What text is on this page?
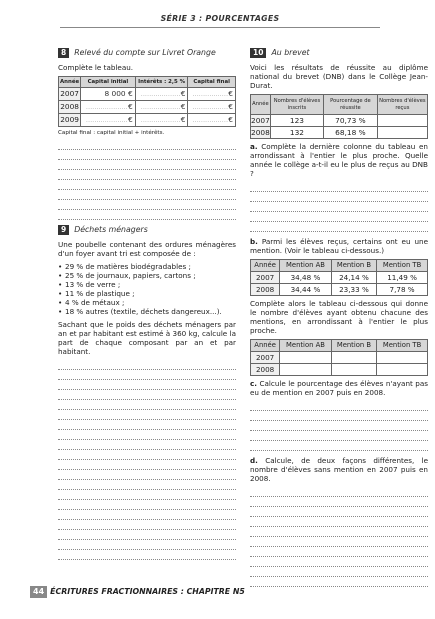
SÉRIE 3 : POURCENTAGES
8	Relevé du compte sur Livret Orange

Complète le tableau.

Année	Capital initial	Intérêts : 2,5 %	Capital final
2007	8 000 €	...................€	.................€
2008	....................€	...................€	.................€
2009	....................€	...................€	.................€

Capital final : capital initial + intérêts.

9	Déchets ménagers

Une poubelle contenant des ordures ménagères d'un foyer avant tri est composée de :

• 29 % de matières biodégradables ;
• 25 % de journaux, papiers, cartons ;
• 13 % de verre ;
• 11 % de plastique ;
• 4 % de métaux ;
• 18 % autres (textile, déchets dangereux...).

Sachant que le poids des déchets ménagers par an et par habitant est estimé à 360 kg, calcule la part de chaque composant par an et par habitant.

10	Au brevet

Voici les résultats de réussite au diplôme national du brevet (DNB) dans le Collège Jean-Durat.

Année	Nombres d'élèves inscrits	Pourcentage de réussite	Nombres d'élèves reçus
2007	123	70,73 %	
2008	132	68,18 %	

a. Complète la dernière colonne du tableau en arrondissant à l'entier le plus proche. Quelle année le collège a-t-il eu le plus de reçus au DNB ?

b. Parmi les élèves reçus, certains ont eu une mention. (Voir le tableau ci-dessous.)

Année	Mention AB	Mention B	Mention TB
2007	34,48 %	24,14 %	11,49 %
2008	34,44 %	23,33 %	7,78 %

Complète alors le tableau ci-dessous qui donne le nombre d'élèves ayant obtenu chacune des mentions, en arrondissant à l'entier le plus proche.

Année	Mention AB	Mention B	Mention TB
2007			
2008			

c. Calcule le pourcentage des élèves n'ayant pas eu de mention en 2007 puis en 2008.

d. Calcule, de deux façons différentes, le nombre d'élèves sans mention en 2007 puis en 2008.

44 ÉCRITURES FRACTIONNAIRES : CHAPITRE N5
